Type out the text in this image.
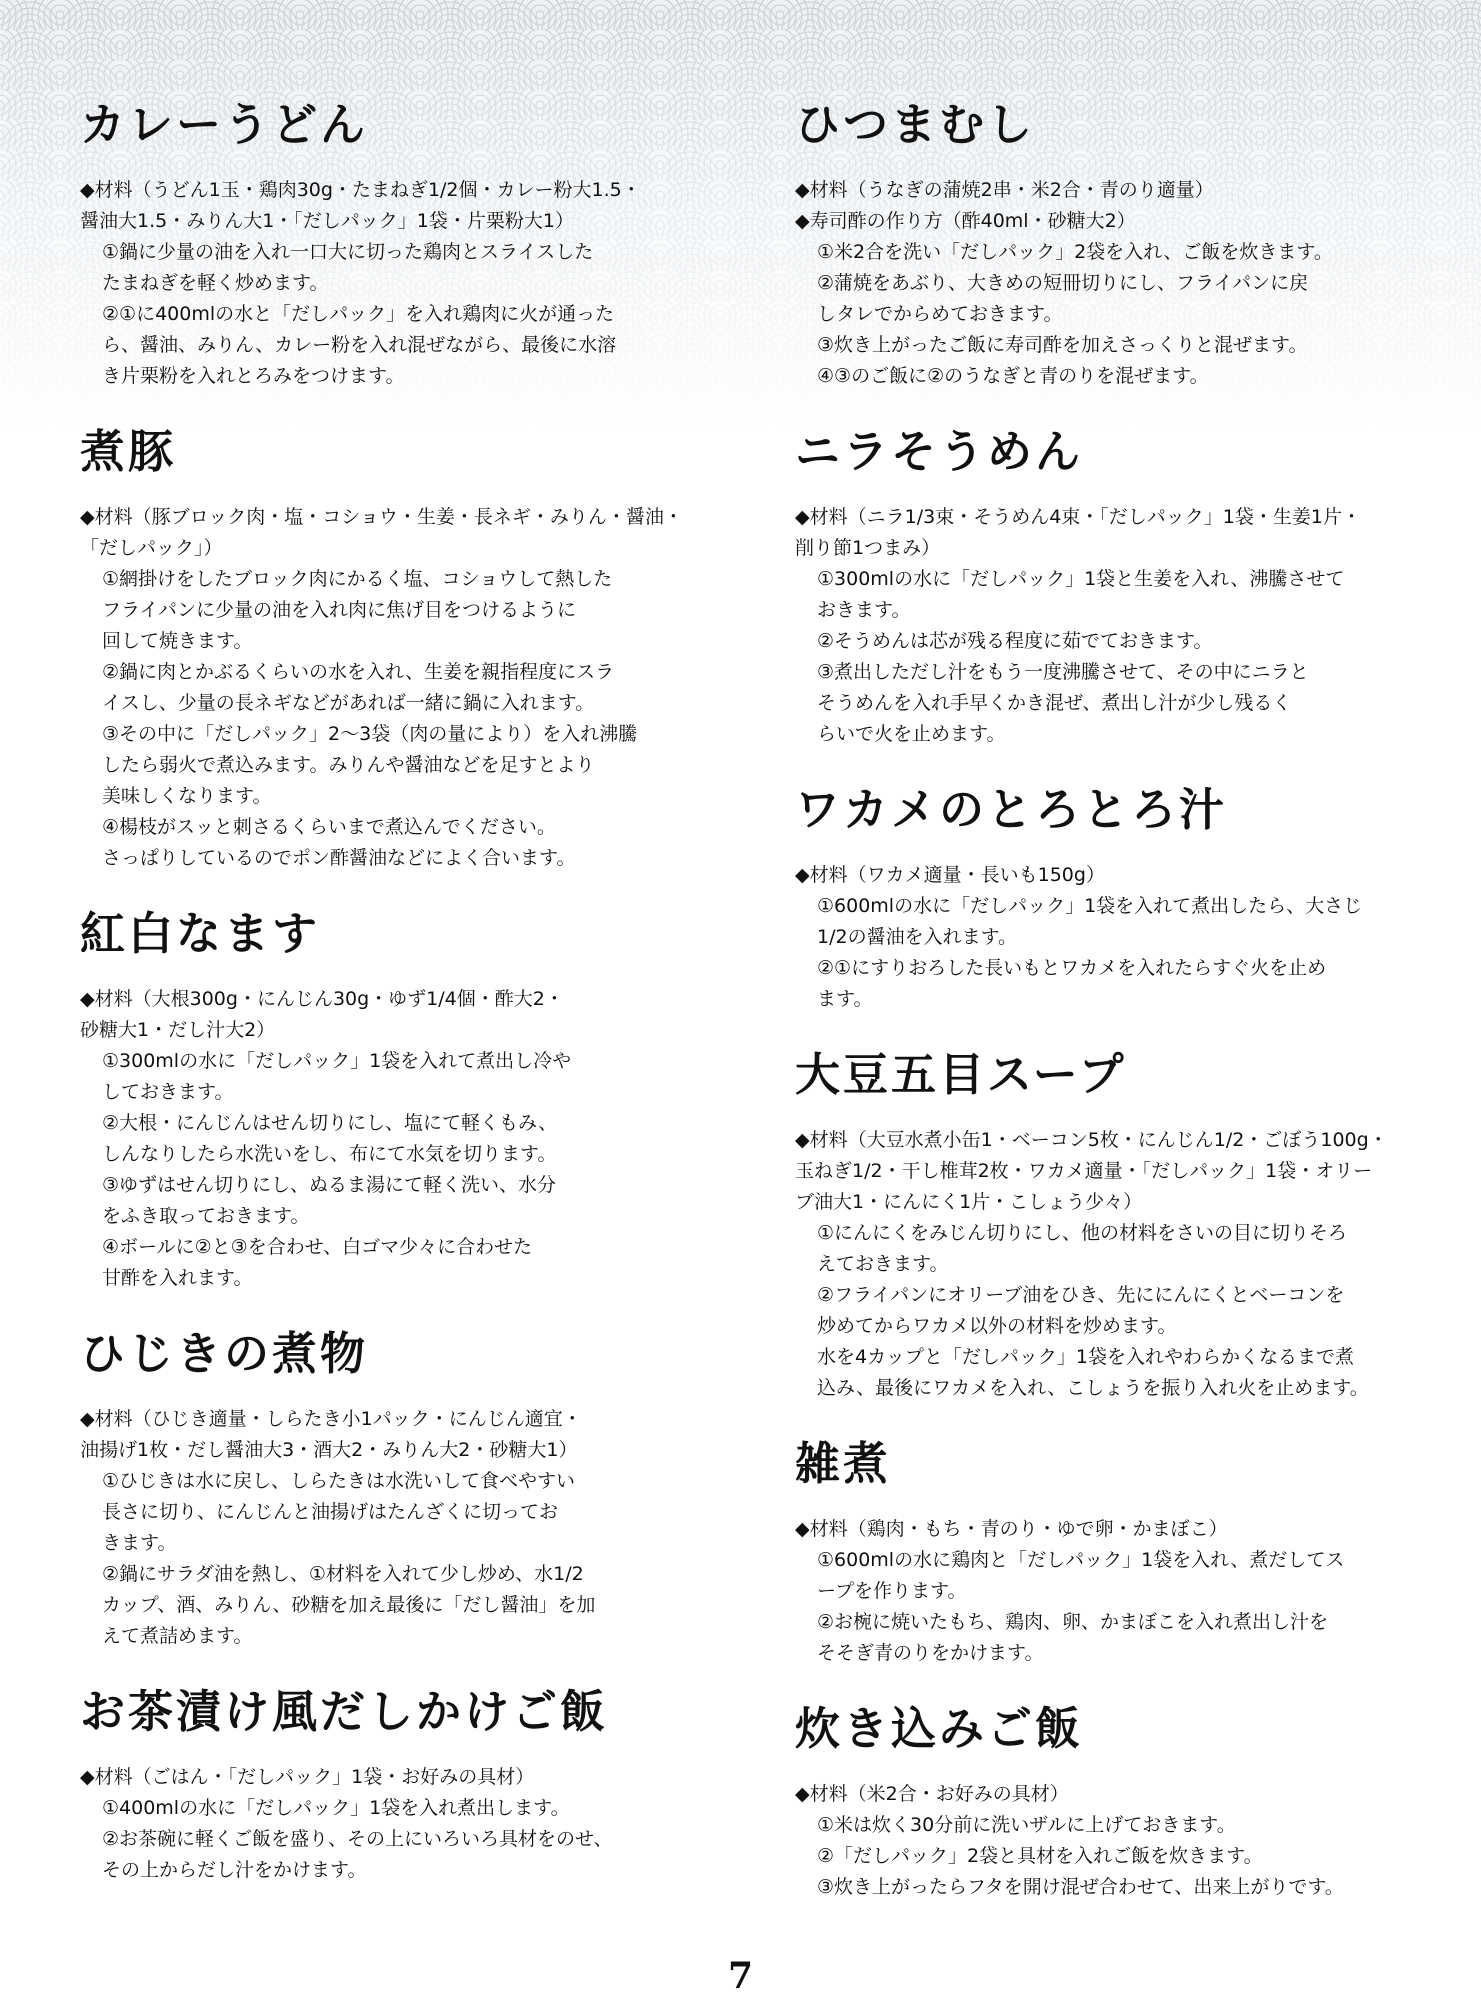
カレーうどん
◆材料（うどん1玉・鶏肉30g・たまねぎ1/2個・カレー粉大1.5・
醤油大1.5・みりん大1・「だしパック」1袋・片栗粉大1）
①鍋に少量の油を入れ一口大に切った鶏肉とスライスした
たまねぎを軽く炒めます。
②①に400mlの水と「だしパック」を入れ鶏肉に火が通った
ら、醤油、みりん、カレー粉を入れ混ぜながら、最後に水溶
き片栗粉を入れとろみをつけます。
煮豚
◆材料（豚ブロック肉・塩・コショウ・生姜・長ネギ・みりん・醤油・
「だしパック」）
①網掛けをしたブロック肉にかるく塩、コショウして熱した
フライパンに少量の油を入れ肉に焦げ目をつけるように
回して焼きます。
②鍋に肉とかぶるくらいの水を入れ、生姜を親指程度にスラ
イスし、少量の長ネギなどがあれば一緒に鍋に入れます。
③その中に「だしパック」2～3袋（肉の量により）を入れ沸騰
したら弱火で煮込みます。みりんや醤油などを足すとより
美味しくなります。
④楊枝がスッと刺さるくらいまで煮込んでください。
さっぱりしているのでポン酢醤油などによく合います。
紅白なます
◆材料（大根300g・にんじん30g・ゆず1/4個・酢大2・
砂糖大1・だし汁大2）
①300mlの水に「だしパック」1袋を入れて煮出し冷や
しておきます。
②大根・にんじんはせん切りにし、塩にて軽くもみ、
しんなりしたら水洗いをし、布にて水気を切ります。
③ゆずはせん切りにし、ぬるま湯にて軽く洗い、水分
をふき取っておきます。
④ボールに②と③を合わせ、白ゴマ少々に合わせた
甘酢を入れます。
ひじきの煮物
◆材料（ひじき適量・しらたき小1パック・にんじん適宜・
油揚げ1枚・だし醤油大3・酒大2・みりん大2・砂糖大1）
①ひじきは水に戻し、しらたきは水洗いして食べやすい
長さに切り、にんじんと油揚げはたんざくに切ってお
きます。
②鍋にサラダ油を熱し、①材料を入れて少し炒め、水1/2
カップ、酒、みりん、砂糖を加え最後に「だし醤油」を加
えて煮詰めます。
お茶漬け風だしかけご飯
◆材料（ごはん・「だしパック」1袋・お好みの具材）
①400mlの水に「だしパック」1袋を入れ煮出します。
②お茶碗に軽くご飯を盛り、その上にいろいろ具材をのせ、
その上からだし汁をかけます。
ひつまむし
◆材料（うなぎの蒲焼2串・米2合・青のり適量）
◆寿司酢の作り方（酢40ml・砂糖大2）
①米2合を洗い「だしパック」2袋を入れ、ご飯を炊きます。
②蒲焼をあぶり、大きめの短冊切りにし、フライパンに戻
しタレでからめておきます。
③炊き上がったご飯に寿司酢を加えさっくりと混ぜます。
④③のご飯に②のうなぎと青のりを混ぜます。
ニラそうめん
◆材料（ニラ1/3束・そうめん4束・「だしパック」1袋・生姜1片・
削り節1つまみ）
①300mlの水に「だしパック」1袋と生姜を入れ、沸騰させて
おきます。
②そうめんは芯が残る程度に茹でておきます。
③煮出しただし汁をもう一度沸騰させて、その中にニラと
そうめんを入れ手早くかき混ぜ、煮出し汁が少し残るく
らいで火を止めます。
ワカメのとろとろ汁
◆材料（ワカメ適量・長いも150g）
①600mlの水に「だしパック」1袋を入れて煮出したら、大さじ
1/2の醤油を入れます。
②①にすりおろした長いもとワカメを入れたらすぐ火を止め
ます。
大豆五目スープ
◆材料（大豆水煮小缶1・ベーコン5枚・にんじん1/2・ごぼう100g・
玉ねぎ1/2・干し椎茸2枚・ワカメ適量・「だしパック」1袋・オリー
ブ油大1・にんにく1片・こしょう少々）
①にんにくをみじん切りにし、他の材料をさいの目に切りそろ
えておきます。
②フライパンにオリーブ油をひき、先ににんにくとベーコンを
炒めてからワカメ以外の材料を炒めます。
水を4カップと「だしパック」1袋を入れやわらかくなるまで煮
込み、最後にワカメを入れ、こしょうを振り入れ火を止めます。
雑煮
◆材料（鶏肉・もち・青のり・ゆで卵・かまぼこ）
①600mlの水に鶏肉と「だしパック」1袋を入れ、煮だしてス
ープを作ります。
②お椀に焼いたもち、鶏肉、卵、かまぼこを入れ煮出し汁を
そそぎ青のりをかけます。
炊き込みご飯
◆材料（米2合・お好みの具材）
①米は炊く30分前に洗いザルに上げておきます。
②「だしパック」2袋と具材を入れご飯を炊きます。
③炊き上がったらフタを開け混ぜ合わせて、出来上がりです。
7
